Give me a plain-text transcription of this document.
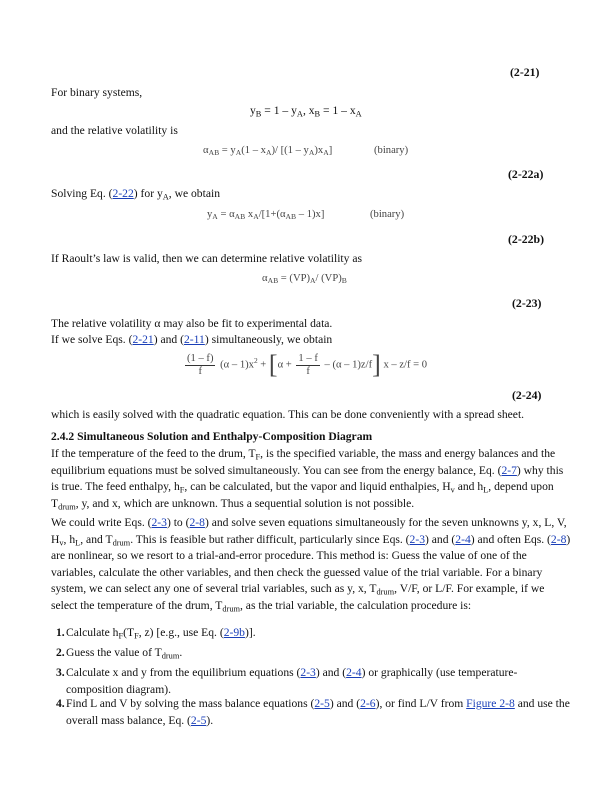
(2-21)
For binary systems,
$y_B = 1 - y_A$, $x_B = 1 - x_A$
and the relative volatility is
$\alpha_{AB} = y_A(1 - x_A)/$ $[(1 - y_A)x_A]$	(binary)
(2-22a)
Solving Eq. (2-22) for $y_A$, we obtain
$y_A = \alpha_{AB}$ $x_A/[1+(\alpha_{AB} - 1)x]$	(binary)
(2-22b)
If Raoult’s law is valid, then we can determine relative volatility as
$\alpha_{AB} = (VP)_A/$ $(VP)_B$
(2-23)
The relative volatility α may also be fit to experimental data.
If we solve Eqs. (2-21) and (2-11) simultaneously, we obtain
$\frac{(1 - f)}{f} (\alpha - 1)x^2 + [\alpha + \frac{1 - f}{f} - (\alpha - 1)z/f]$ x – z/f = 0
(2-24)
which is easily solved with the quadratic equation. This can be done conveniently with a spread sheet.
2.4.2 Simultaneous Solution and Enthalpy-Composition Diagram
If the temperature of the feed to the drum, $T_F$, is the specified variable, the mass and energy balances and the equilibrium equations must be solved simultaneously. You can see from the energy balance, Eq. (2-7) why this is true. The feed enthalpy, $h_F$, can be calculated, but the vapor and liquid enthalpies, $H_v$ and $h_L$, depend upon $T_{drum}$, y, and x, which are unknown. Thus a sequential solution is not possible.
We could write Eqs. (2-3) to (2-8) and solve seven equations simultaneously for the seven unknowns y, x, L, V, $H_v$, $h_L$, and $T_{drum}$. This is feasible but rather difficult, particularly since Eqs. (2-3) and (2-4) and often Eqs. (2-8) are nonlinear, so we resort to a trial-and-error procedure. This method is: Guess the value of one of the variables, calculate the other variables, and then check the guessed value of the trial variable. For a binary system, we can select any one of several trial variables, such as y, x, $T_{drum}$, V/F, or L/F. For example, if we select the temperature of the drum, $T_{drum}$, as the trial variable, the calculation procedure is:
1. Calculate $h_F(T_F$, z) [e.g., use Eq. (2-9b)].
2. Guess the value of $T_{drum}$.
3. Calculate x and y from the equilibrium equations (2-3) and (2-4) or graphically (use temperature-composition diagram).
4. Find L and V by solving the mass balance equations (2-5) and (2-6), or find L/V from Figure 2-8 and use the overall mass balance, Eq. (2-5).
